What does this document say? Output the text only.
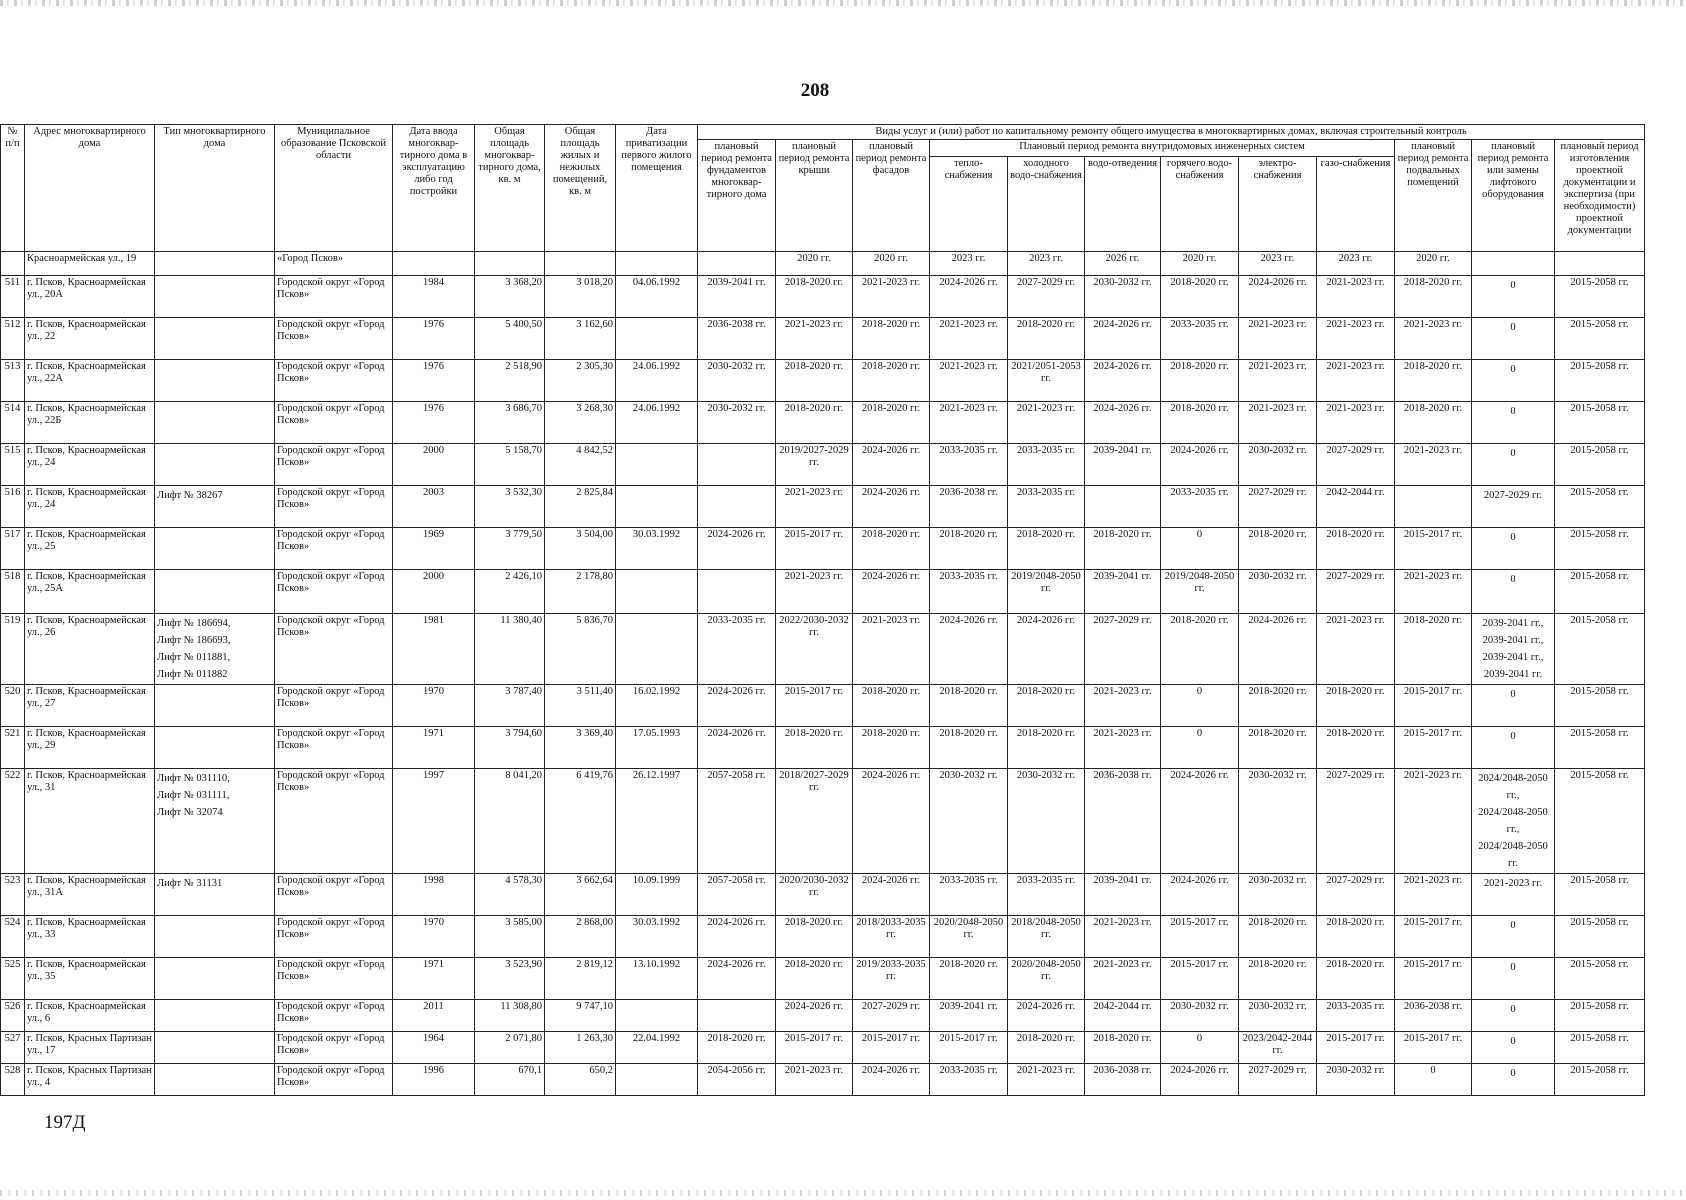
208
№ п/п	Адрес многоквартирного дома	Тип многоквартирного дома	Муниципальное образование Псковской области	Дата ввода многоквар-тирного дома в эксплуатацию либо год постройки	Общая площадь многоквар-тирного дома, кв. м	Общая площадь жилых и нежилых помещений, кв. м	Дата приватизации первого жилого помещения	Виды услуг и (или) работ по капитальному ремонту общего имущества в многоквартирных домах, включая строительный контроль											
								плановый период ремонта фундаментов многоквар-тирного дома	плановый период ремонта крыши	плановый период ремонта фасадов	Плановый период ремонта внутридомовых инженерных систем						плановый период ремонта подвальных помещений	плановый период ремонта или замены лифтового оборудования	плановый период изготовления проектной документации и экспертиза (при необходимости) проектной документации
											тепло-снабжения	холодного водо-снабжения	водо-отведения	горячего водо-снабжения	электро-снабжения	газо-снабжения			
	Красноармейская ул., 19		«Город Псков»						2020 гг.	2020 гг.	2023 гг.	2023 гг.	2026 гг.	2020 гг.	2023 гг.	2023 гг.	2020 гг.		
511	г. Псков, Красноармейская ул., 20А		Городской округ «Город Псков»	1984	3 368,20	3 018,20	04.06.1992	2039-2041 гг.	2018-2020 гг.	2021-2023 гг.	2024-2026 гг.	2027-2029 гг.	2030-2032 гг.	2018-2020 гг.	2024-2026 гг.	2021-2023 гг.	2018-2020 гг.	0	2015-2058 гг.
512	г. Псков, Красноармейская ул., 22		Городской округ «Город Псков»	1976	5 400,50	3 162,60		2036-2038 гг.	2021-2023 гг.	2018-2020 гг.	2021-2023 гг.	2018-2020 гг.	2024-2026 гг.	2033-2035 гг.	2021-2023 гг.	2021-2023 гг.	2021-2023 гг.	0	2015-2058 гг.
513	г. Псков, Красноармейская ул., 22А		Городской округ «Город Псков»	1976	2 518,90	2 305,30	24.06.1992	2030-2032 гг.	2018-2020 гг.	2018-2020 гг.	2021-2023 гг.	2021/2051-2053 гг.	2024-2026 гг.	2018-2020 гг.	2021-2023 гг.	2021-2023 гг.	2018-2020 гг.	0	2015-2058 гг.
514	г. Псков, Красноармейская ул., 22Б		Городской округ «Город Псков»	1976	3 686,70	3 268,30	24.06.1992	2030-2032 гг.	2018-2020 гг.	2018-2020 гг.	2021-2023 гг.	2021-2023 гг.	2024-2026 гг.	2018-2020 гг.	2021-2023 гг.	2021-2023 гг.	2018-2020 гг.	0	2015-2058 гг.
515	г. Псков, Красноармейская ул., 24		Городской округ «Город Псков»	2000	5 158,70	4 842,52			2019/2027-2029 гг.	2024-2026 гг.	2033-2035 гг.	2033-2035 гг.	2039-2041 гг.	2024-2026 гг.	2030-2032 гг.	2027-2029 гг.	2021-2023 гг.	0	2015-2058 гг.
516	г. Псков, Красноармейская ул., 24	Лифт № 38267	Городской округ «Город Псков»	2003	3 532,30	2 825,84			2021-2023 гг.	2024-2026 гг.	2036-2038 гг.	2033-2035 гг.		2033-2035 гг.	2027-2029 гг.	2042-2044 гг.		2027-2029 гг.	2015-2058 гг.
517	г. Псков, Красноармейская ул., 25		Городской округ «Город Псков»	1969	3 779,50	3 504,00	30.03.1992	2024-2026 гг.	2015-2017 гг.	2018-2020 гг.	2018-2020 гг.	2018-2020 гг.	2018-2020 гг.	0	2018-2020 гг.	2018-2020 гг.	2015-2017 гг.	0	2015-2058 гг.
518	г. Псков, Красноармейская ул., 25А		Городской округ «Город Псков»	2000	2 426,10	2 178,80			2021-2023 гг.	2024-2026 гг.	2033-2035 гг.	2019/2048-2050 гг.	2039-2041 гг.	2019/2048-2050 гг.	2030-2032 гг.	2027-2029 гг.	2021-2023 гг.	0	2015-2058 гг.
519	г. Псков, Красноармейская ул., 26	Лифт № 186694,
Лифт № 186693,
Лифт № 011881,
Лифт № 011882	Городской округ «Город Псков»	1981	11 380,40	5 836,70		2033-2035 гг.	2022/2030-2032 гг.	2021-2023 гг.	2024-2026 гг.	2024-2026 гг.	2027-2029 гг.	2018-2020 гг.	2024-2026 гг.	2021-2023 гг.	2018-2020 гг.	2039-2041 гг.,
2039-2041 гг.,
2039-2041 гг.,
2039-2041 гг.	2015-2058 гг.
520	г. Псков, Красноармейская ул., 27		Городской округ «Город Псков»	1970	3 787,40	3 511,40	16.02.1992	2024-2026 гг.	2015-2017 гг.	2018-2020 гг.	2018-2020 гг.	2018-2020 гг.	2021-2023 гг.	0	2018-2020 гг.	2018-2020 гг.	2015-2017 гг.	0	2015-2058 гг.
521	г. Псков, Красноармейская ул., 29		Городской округ «Город Псков»	1971	3 794,60	3 369,40	17.05.1993	2024-2026 гг.	2018-2020 гг.	2018-2020 гг.	2018-2020 гг.	2018-2020 гг.	2021-2023 гг.	0	2018-2020 гг.	2018-2020 гг.	2015-2017 гг.	0	2015-2058 гг.
522	г. Псков, Красноармейская ул., 31	Лифт № 031110,
Лифт № 031111,
Лифт № 32074	Городской округ «Город Псков»	1997	8 041,20	6 419,76	26.12.1997	2057-2058 гг.	2018/2027-2029 гг.	2024-2026 гг.	2030-2032 гг.	2030-2032 гг.	2036-2038 гг.	2024-2026 гг.	2030-2032 гг.	2027-2029 гг.	2021-2023 гг.	2024/2048-2050 гг.,
2024/2048-2050 гг.,
2024/2048-2050 гг.	2015-2058 гг.
523	г. Псков, Красноармейская ул., 31А	Лифт № 31131	Городской округ «Город Псков»	1998	4 578,30	3 662,64	10.09.1999	2057-2058 гг.	2020/2030-2032 гг.	2024-2026 гг.	2033-2035 гг.	2033-2035 гг.	2039-2041 гг.	2024-2026 гг.	2030-2032 гг.	2027-2029 гг.	2021-2023 гг.	2021-2023 гг.	2015-2058 гг.
524	г. Псков, Красноармейская ул., 33		Городской округ «Город Псков»	1970	3 585,00	2 868,00	30.03.1992	2024-2026 гг.	2018-2020 гг.	2018/2033-2035 гг.	2020/2048-2050 гг.	2018/2048-2050 гг.	2021-2023 гг.	2015-2017 гг.	2018-2020 гг.	2018-2020 гг.	2015-2017 гг.	0	2015-2058 гг.
525	г. Псков, Красноармейская ул., 35		Городской округ «Город Псков»	1971	3 523,90	2 819,12	13.10.1992	2024-2026 гг.	2018-2020 гг.	2019/2033-2035 гг.	2018-2020 гг.	2020/2048-2050 гг.	2021-2023 гг.	2015-2017 гг.	2018-2020 гг.	2018-2020 гг.	2015-2017 гг.	0	2015-2058 гг.
526	г. Псков, Красноармейская ул., 6		Городской округ «Город Псков»	2011	11 308,80	9 747,10			2024-2026 гг.	2027-2029 гг.	2039-2041 гг.	2024-2026 гг.	2042-2044 гг.	2030-2032 гг.	2030-2032 гг.	2033-2035 гг.	2036-2038 гг.	0	2015-2058 гг.
527	г. Псков, Красных Партизан ул., 17		Городской округ «Город Псков»	1964	2 071,80	1 263,30	22.04.1992	2018-2020 гг.	2015-2017 гг.	2015-2017 гг.	2015-2017 гг.	2018-2020 гг.	2018-2020 гг.	0	2023/2042-2044 гг.	2015-2017 гг.	2015-2017 гг.	0	2015-2058 гг.
528	г. Псков, Красных Партизан ул., 4		Городской округ «Город Псков»	1996	670,1	650,2		2054-2056 гг.	2021-2023 гг.	2024-2026 гг.	2033-2035 гг.	2021-2023 гг.	2036-2038 гг.	2024-2026 гг.	2027-2029 гг.	2030-2032 гг.	0	0	2015-2058 гг.
197Д
